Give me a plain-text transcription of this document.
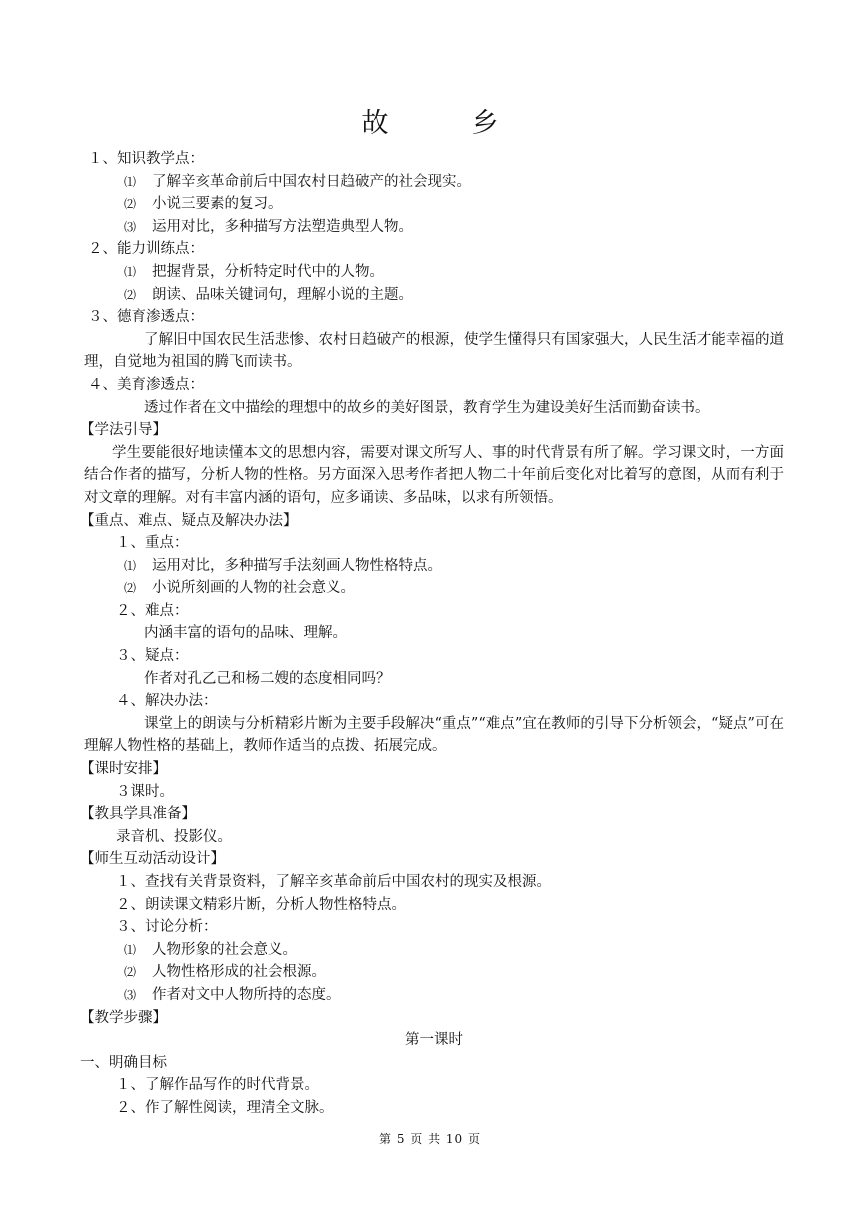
故　乡
１、知识教学点：
⑴ 了解辛亥革命前后中国农村日趋破产的社会现实。
⑵ 小说三要素的复习。
⑶ 运用对比，多种描写方法塑造典型人物。
２、能力训练点：
⑴ 把握背景，分析特定时代中的人物。
⑵ 朗读、品味关键词句，理解小说的主题。
３、德育渗透点：
了解旧中国农民生活悲惨、农村日趋破产的根源，使学生懂得只有国家强大，人民生活才能幸福的道理，自觉地为祖国的腾飞而读书。
４、美育渗透点：
透过作者在文中描绘的理想中的故乡的美好图景，教育学生为建设美好生活而勤奋读书。
【学法引导】
学生要能很好地读懂本文的思想内容，需要对课文所写人、事的时代背景有所了解。学习课文时，一方面结合作者的描写，分析人物的性格。另方面深入思考作者把人物二十年前后变化对比着写的意图，从而有利于对文章的理解。对有丰富内涵的语句，应多诵读、多品味，以求有所领悟。
【重点、难点、疑点及解决办法】
１、重点：
⑴ 运用对比，多种描写手法刻画人物性格特点。
⑵ 小说所刻画的人物的社会意义。
２、难点：
内涵丰富的语句的品味、理解。
３、疑点：
作者对孔乙己和杨二嫂的态度相同吗？
４、解决办法：
课堂上的朗读与分析精彩片断为主要手段解决“重点”“难点”宜在教师的引导下分析领会，“疑点”可在理解人物性格的基础上，教师作适当的点拨、拓展完成。
【课时安排】
３课时。
【教具学具准备】
录音机、投影仪。
【师生互动活动设计】
１、查找有关背景资料，了解辛亥革命前后中国农村的现实及根源。
２、朗读课文精彩片断，分析人物性格特点。
３、讨论分析：
⑴ 人物形象的社会意义。
⑵ 人物性格形成的社会根源。
⑶ 作者对文中人物所持的态度。
【教学步骤】
第一课时
一、明确目标
１、了解作品写作的时代背景。
２、作了解性阅读，理清全文脉。
第 5 页 共 10 页
